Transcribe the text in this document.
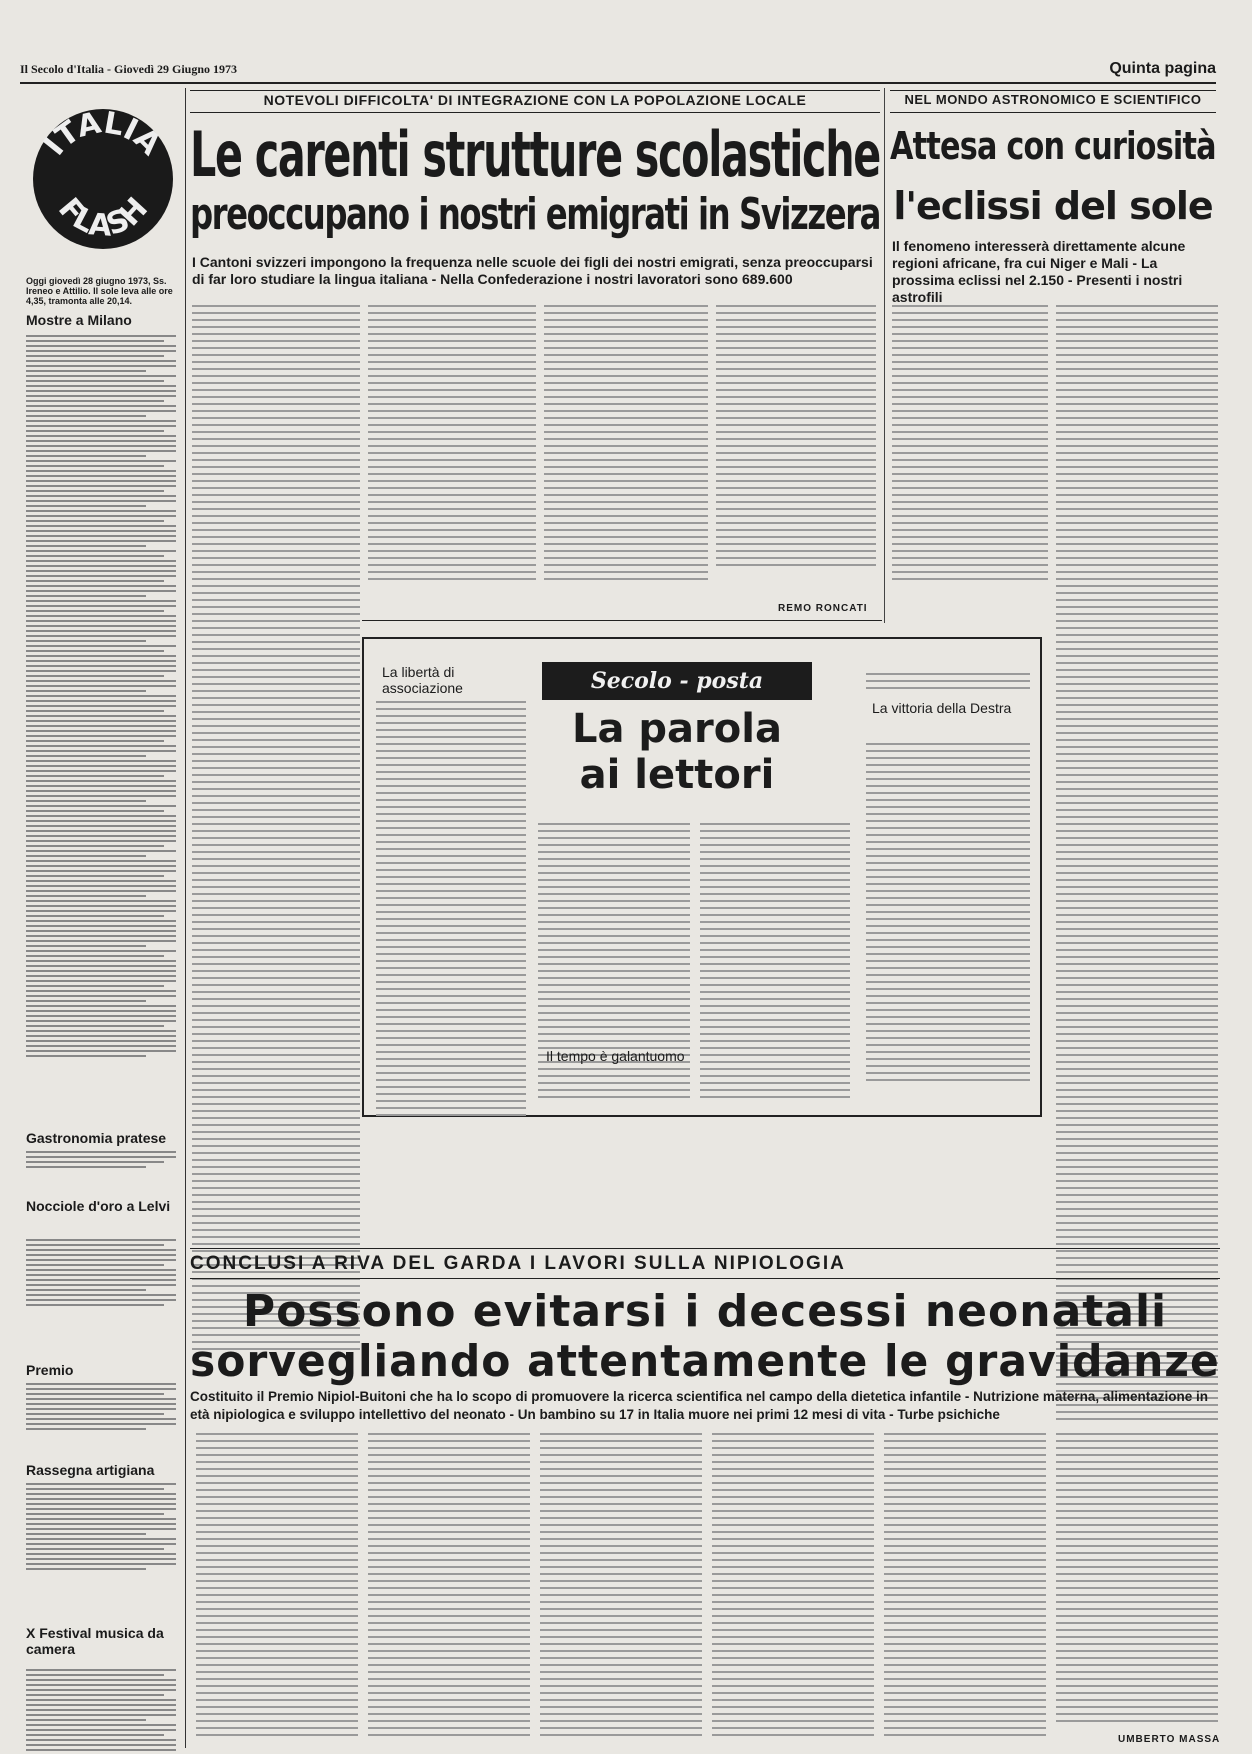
Il Secolo d'Italia - Giovedì 29 Giugno 1973	Quinta pagina
ITALIA
FLASH
Oggi giovedì 28 giugno 1973, Ss. Ireneo e Attilio. Il sole leva alle ore 4,35, tramonta alle 20,14.
Mostre a Milano
Gastronomia pratese
Nocciole d'oro a Lelvi
Premio
Rassegna artigiana
X Festival musica da camera
NOTEVOLI DIFFICOLTA' DI INTEGRAZIONE CON LA POPOLAZIONE LOCALE
Le carenti strutture scolastiche
preoccupano i nostri emigrati in Svizzera
I Cantoni svizzeri impongono la frequenza nelle scuole dei figli dei nostri emigrati, senza preoccuparsi di far loro studiare la lingua italiana - Nella Confederazione i nostri lavoratori sono 689.600
REMO RONCATI
NEL MONDO ASTRONOMICO E SCIENTIFICO
Attesa con curiosità
l'eclissi del sole
Il fenomeno interesserà direttamente alcune regioni africane, fra cui Niger e Mali - La prossima eclissi nel 2.150 - Presenti i nostri astrofili
Secolo - posta
La parola
ai lettori
La libertà di associazione
Il tempo è galantuomo
La vittoria della Destra
CONCLUSI A RIVA DEL GARDA I LAVORI SULLA NIPIOLOGIA
Possono evitarsi i decessi neonatali
sorvegliando attentamente le gravidanze
Costituito il Premio Nipiol-Buitoni che ha lo scopo di promuovere la ricerca scientifica nel campo della dietetica infantile - Nutrizione materna, alimentazione in età nipiologica e sviluppo intellettivo del neonato - Un bambino su 17 in Italia muore nei primi 12 mesi di vita - Turbe psichiche
UMBERTO MASSA
